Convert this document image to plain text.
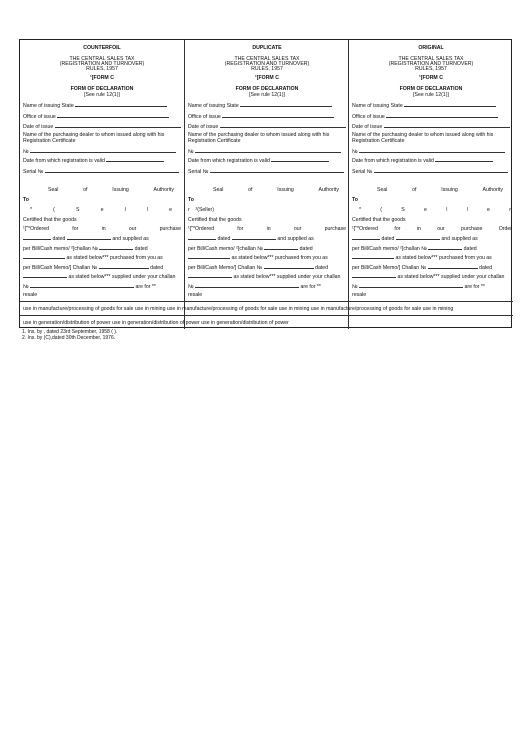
COUNTERFOIL
THE CENTRAL SALES TAX
(REGISTRATION AND TURNOVER)
RULES, 1957
¹[FORM C
FORM OF DECLARATION
[See rule 12(1)]
Name of issuing State
Office of issue
Date of issue
Name of the purchasing dealer to whom issued along with his
Registration Certificate
№
Date from which registration is valid
Serial №
Seal	of	Issuing	Authority
To
*	(	S	e	l	l	e
Certified that the goods
¹["*Ordered	for	in	our	purchase
dated	and supplied as
per Bill/Cash memo/ ²[challan №	dated
as stated below*** purchased from you as
per Bill/Cash Memo/] Challan №	dated
as stated below*** supplied under your challan
№	are for **
resale
DUPLICATE
THE CENTRAL SALES TAX
(REGISTRATION AND TURNOVER)
RULES, 1957
¹[FORM C
FORM OF DECLARATION
[See rule 12(1)]
Name of issuing State
Office of issue
Date of issue
Name of the purchasing dealer to whom issued along with his
Registration Certificate
№
Date from which registration is valid
Serial №
Seal	of	Issuing	Authority
To
r ²(Seller)
Certified that the goods
¹["*Ordered	for	in	our	purchase
dated	and supplied as
per Bill/Cash memo/ ²[challan №	dated
as stated below*** purchased from you as
per Bill/Cash Memo/] Challan №	dated
as stated below*** supplied under your challan
№	are for **
resale
ORIGINAL
THE CENTRAL SALES TAX
(REGISTRATION AND TURNOVER)
RULES, 1957
¹[FORM C
FORM OF DECLARATION
[See rule 12(1)]
Name of issuing State
Office of issue
Date of issue
Name of the purchasing dealer to whom issued along with his
Registration Certificate
№
Date from which registration is valid
Serial №
Seal	of	Issuing	Authority
To
*	(	S	e	l	l	e	r
Certified that the goods
¹["*Ordered	for	in	our	purchase	Order
dated	and supplied as
per Bill/Cash memo/ ²[challan №	dated
as stated below*** purchased from you as
per Bill/Cash Memo/] Challan №	dated
as stated below*** supplied under your challan
№	are for **
resale
use in manufacture/processing of goods for sale use in mining use in manufacture/processing of goods for sale use in mining use in manufacture/processing of goods for sale use in mining
use in generation/distribution of power use in generation/distribution of power use in generation/distribution of power
1. Ins. by , dated 23rd September, 1958 ( ).
2. Ins. by (C),dated 30th December, 1976.
